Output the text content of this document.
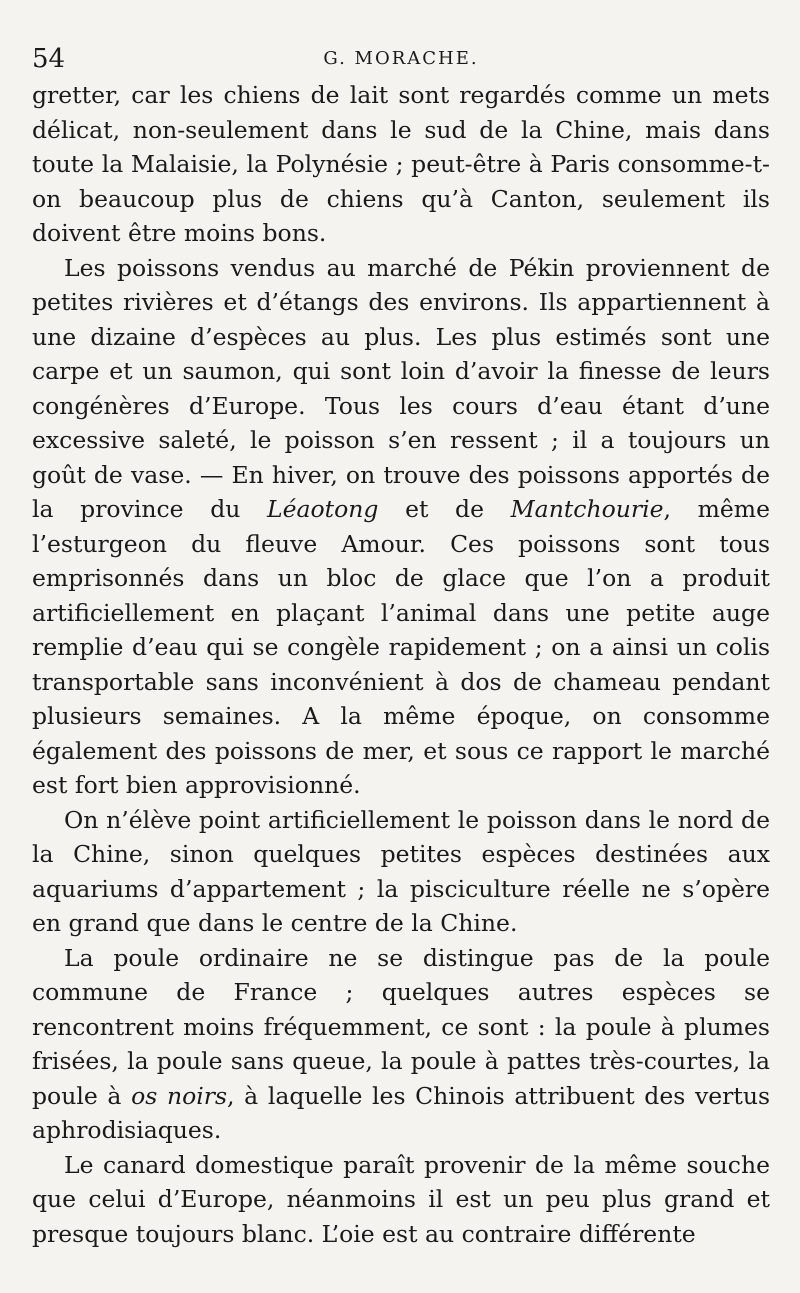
54	G. MORACHE.

gretter, car les chiens de lait sont regardés comme un mets délicat, non-seulement dans le sud de la Chine, mais dans toute la Malaisie, la Polynésie ; peut-être à Paris consomme-t-on beaucoup plus de chiens qu’à Canton, seulement ils doivent être moins bons.

Les poissons vendus au marché de Pékin proviennent de petites rivières et d’étangs des environs. Ils appartiennent à une dizaine d’espèces au plus. Les plus estimés sont une carpe et un saumon, qui sont loin d’avoir la finesse de leurs congénères d’Europe. Tous les cours d’eau étant d’une excessive saleté, le poisson s’en ressent ; il a toujours un goût de vase. — En hiver, on trouve des poissons apportés de la province du Léaotong et de Mantchourie, même l’esturgeon du fleuve Amour. Ces poissons sont tous emprisonnés dans un bloc de glace que l’on a produit artificiellement en plaçant l’animal dans une petite auge remplie d’eau qui se congèle rapidement ; on a ainsi un colis transportable sans inconvénient à dos de chameau pendant plusieurs semaines. A la même époque, on consomme également des poissons de mer, et sous ce rapport le marché est fort bien approvisionné.

On n’élève point artificiellement le poisson dans le nord de la Chine, sinon quelques petites espèces destinées aux aquariums d’appartement ; la pisciculture réelle ne s’opère en grand que dans le centre de la Chine.

La poule ordinaire ne se distingue pas de la poule commune de France ; quelques autres espèces se rencontrent moins fréquemment, ce sont : la poule à plumes frisées, la poule sans queue, la poule à pattes très-courtes, la poule à os noirs, à laquelle les Chinois attribuent des vertus aphrodisiaques.

Le canard domestique paraît provenir de la même souche que celui d’Europe, néanmoins il est un peu plus grand et presque toujours blanc. L’oie est au contraire différente
